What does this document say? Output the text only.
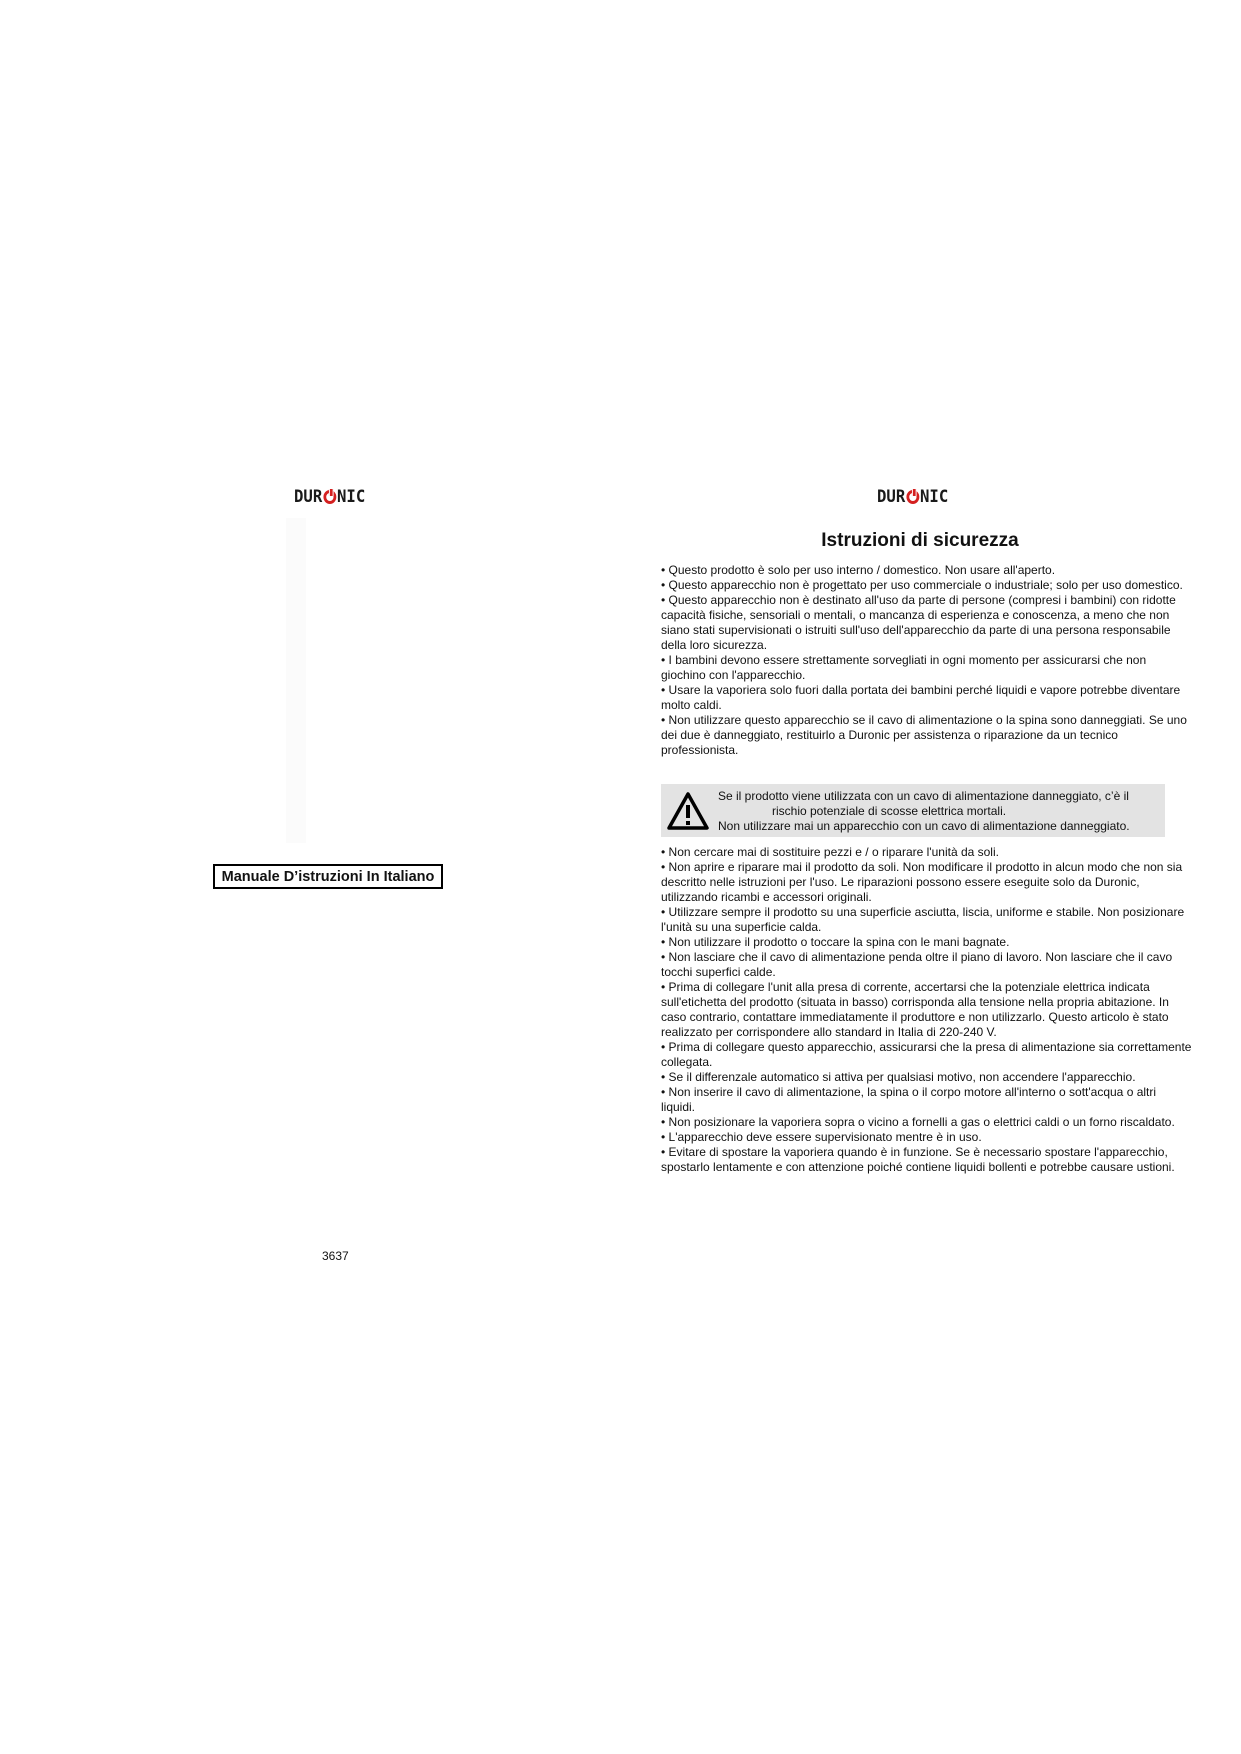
DUR NIC
Manuale D’istruzioni In Italiano
3637
DUR NIC
Istruzioni di sicurezza

• Questo prodotto è solo per uso interno / domestico. Non usare all'aperto.

• Questo apparecchio non è progettato per uso commerciale o industriale; solo per uso domestico.

• Questo apparecchio non è destinato all'uso da parte di persone (compresi i bambini) con ridotte capacità fisiche, sensoriali o mentali, o mancanza di esperienza e conoscenza, a meno che non siano stati supervisionati o istruiti sull'uso dell'apparecchio da parte di una persona responsabile della loro sicurezza.

• I bambini devono essere strettamente sorvegliati in ogni momento per assicurarsi che non giochino con l'apparecchio.

• Usare la vaporiera solo fuori dalla portata dei bambini perché liquidi e vapore potrebbe diventare molto caldi.

• Non utilizzare questo apparecchio se il cavo di alimentazione o la spina sono danneggiati. Se uno dei due è danneggiato, restituirlo a Duronic per assistenza o riparazione da un tecnico professionista.

Se il prodotto viene utilizzata con un cavo di alimentazione danneggiato, c’è il
rischio potenziale di scosse elettrica mortali.
Non utilizzare mai un apparecchio con un cavo di alimentazione danneggiato.

• Non cercare mai di sostituire pezzi e / o riparare l'unità da soli.

• Non aprire e riparare mai il prodotto da soli. Non modificare il prodotto in alcun modo che non sia descritto nelle istruzioni per l'uso. Le riparazioni possono essere eseguite solo da Duronic, utilizzando ricambi e accessori originali.

• Utilizzare sempre il prodotto su una superficie asciutta, liscia, uniforme e stabile. Non posizionare l'unità su una superficie calda.

• Non utilizzare il prodotto o toccare la spina con le mani bagnate.

• Non lasciare che il cavo di alimentazione penda oltre il piano di lavoro. Non lasciare che il cavo tocchi superfici calde.

• Prima di collegare l'unit alla presa di corrente, accertarsi che la potenziale elettrica indicata sull'etichetta del prodotto (situata in basso) corrisponda alla tensione nella propria abitazione. In caso contrario, contattare immediatamente il produttore e non utilizzarlo. Questo articolo è stato realizzato per corrispondere allo standard in Italia di 220-240 V.

• Prima di collegare questo apparecchio, assicurarsi che la presa di alimentazione sia correttamente collegata.

• Se il differenzale automatico si attiva per qualsiasi motivo, non accendere l'apparecchio.

• Non inserire il cavo di alimentazione, la spina o il corpo motore all'interno o sott'acqua o altri liquidi.

• Non posizionare la vaporiera sopra o vicino a fornelli a gas o elettrici caldi o un forno riscaldato.

• L'apparecchio deve essere supervisionato mentre è in uso.

• Evitare di spostare la vaporiera quando è in funzione. Se è necessario spostare l'apparecchio, spostarlo lentamente e con attenzione poiché contiene liquidi bollenti e potrebbe causare ustioni.
